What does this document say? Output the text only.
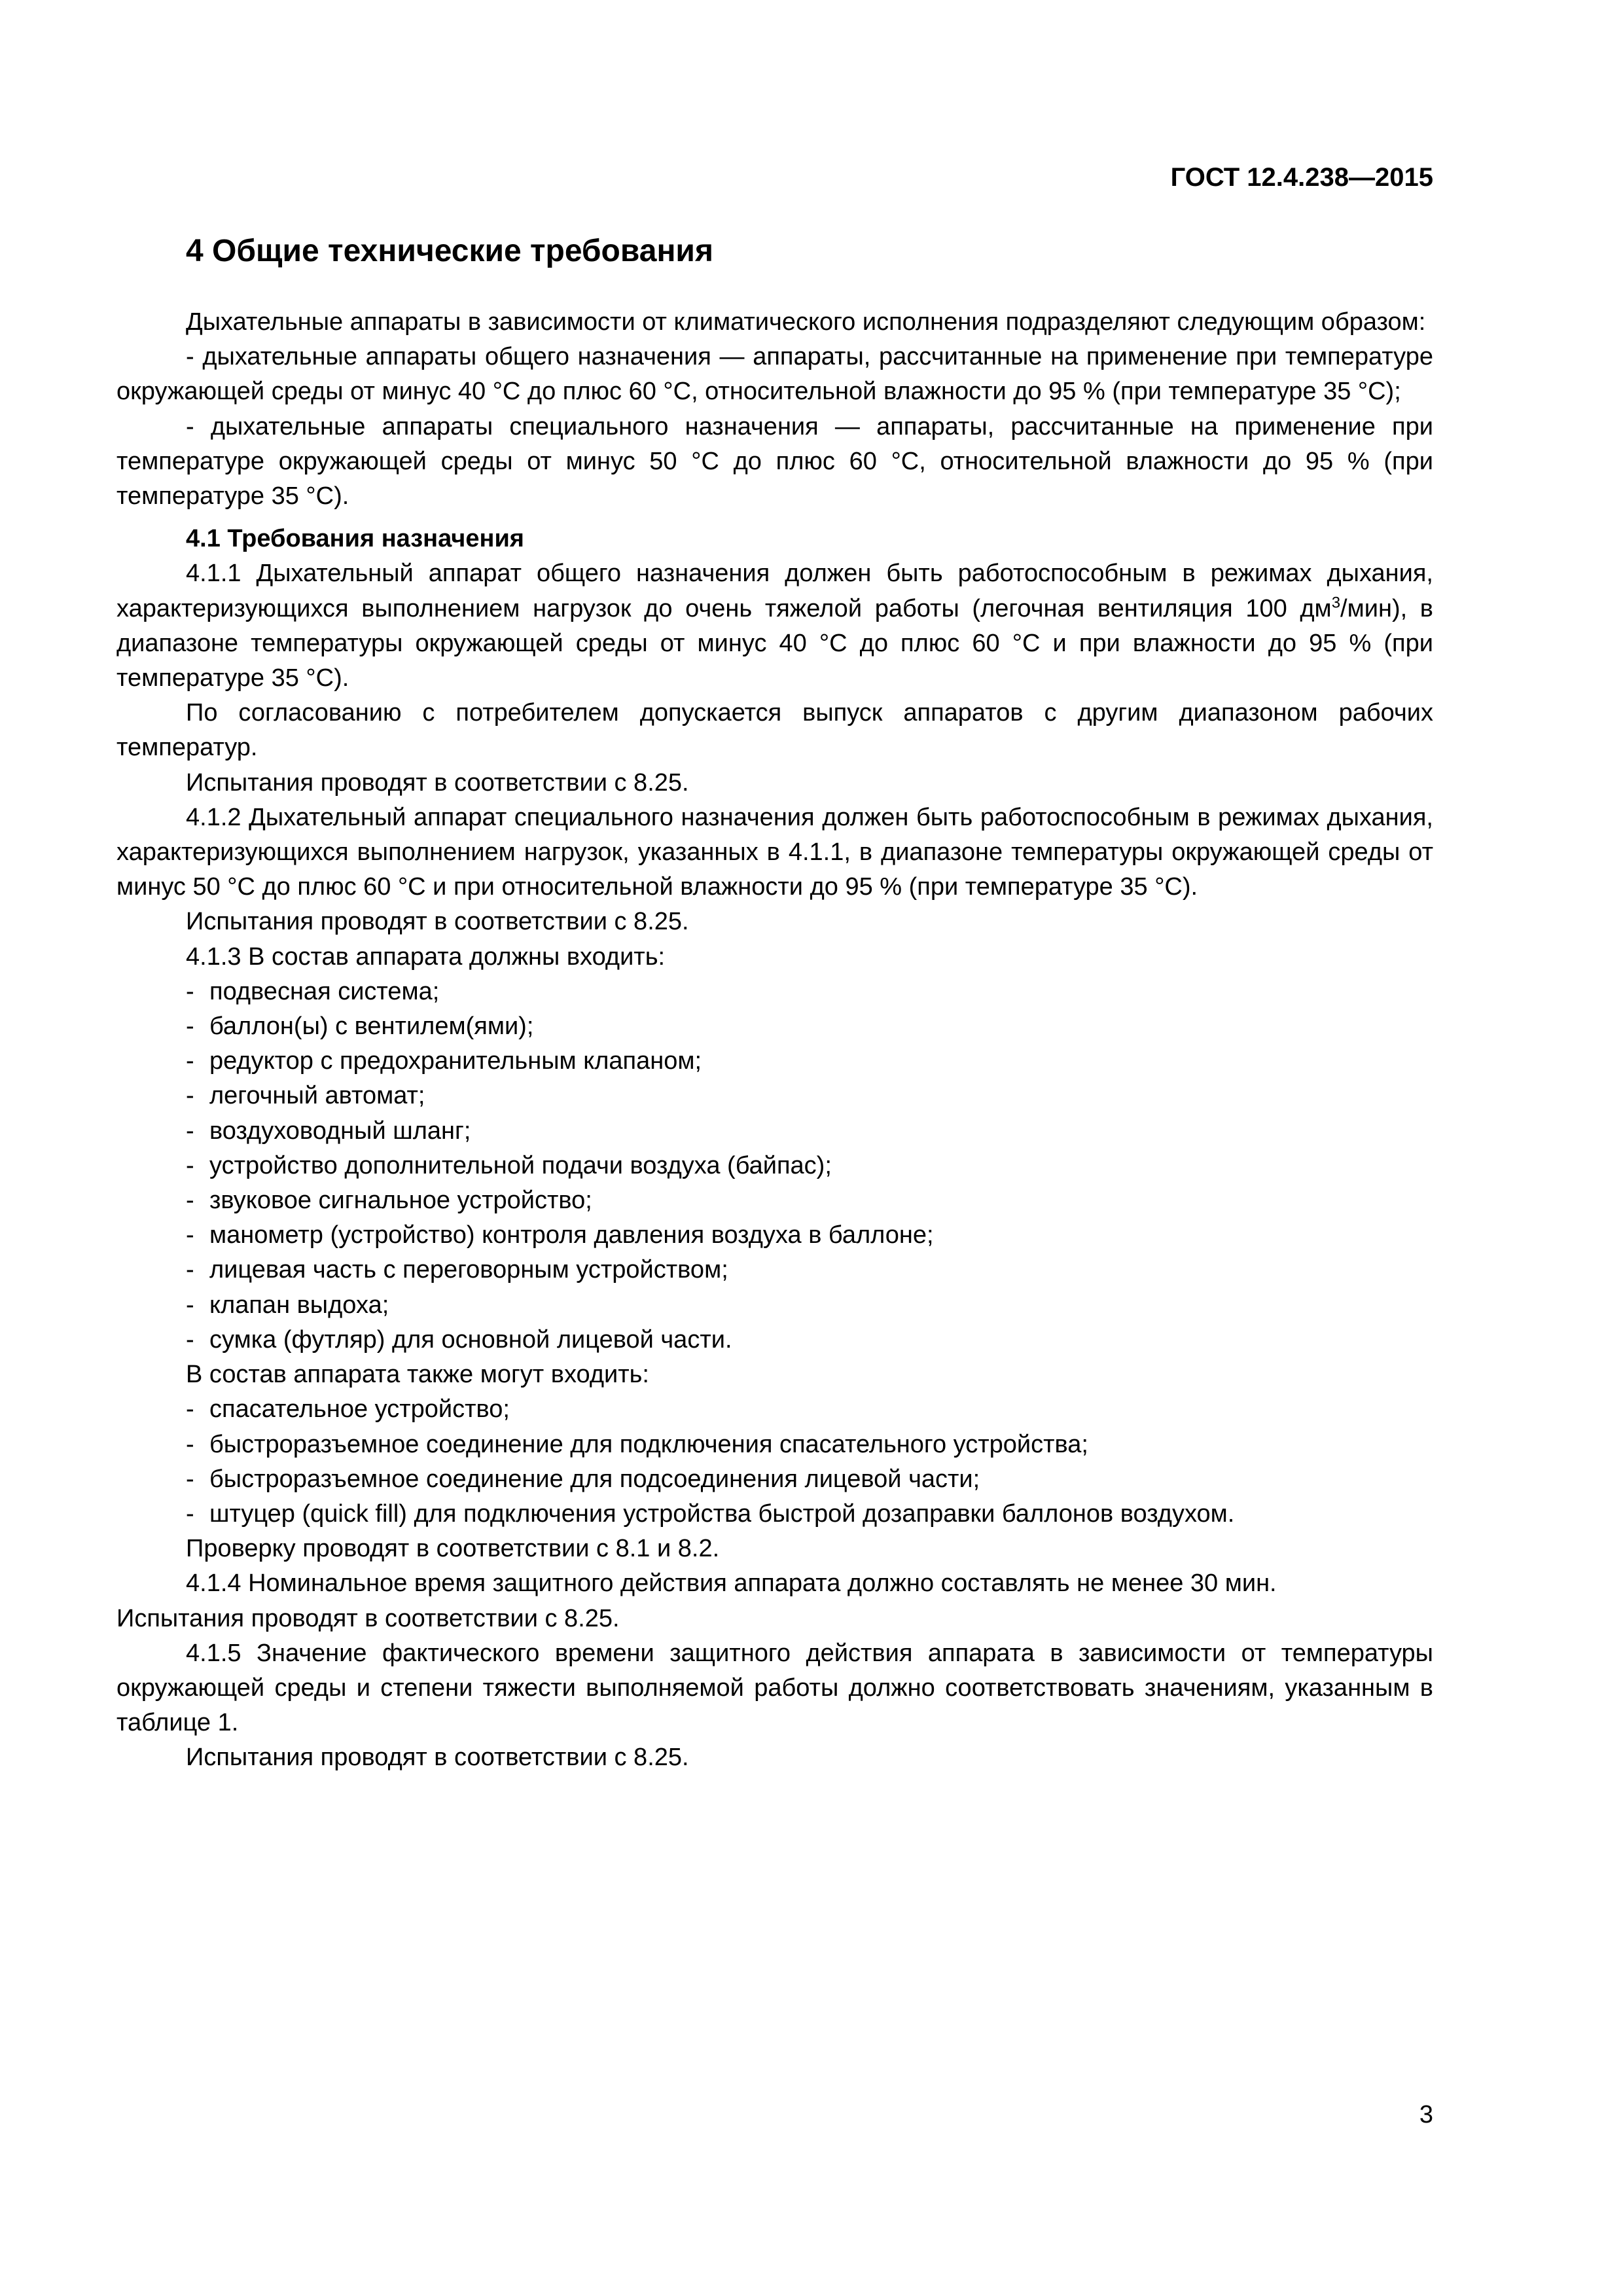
ГОСТ 12.4.238—2015

4 Общие технические требования

Дыхательные аппараты в зависимости от климатического исполнения подразделяют следующим образом:

- дыхательные аппараты общего назначения — аппараты, рассчитанные на применение при температуре окружающей среды от минус 40 °С до плюс 60 °С, относительной влажности до 95 % (при температуре 35 °С);

- дыхательные аппараты специального назначения — аппараты, рассчитанные на применение при температуре окружающей среды от минус 50 °С до плюс 60 °С, относительной влажности до 95 % (при температуре 35 °С).

4.1 Требования назначения

4.1.1 Дыхательный аппарат общего назначения должен быть работоспособным в режимах дыхания, характеризующихся выполнением нагрузок до очень тяжелой работы (легочная вентиляция 100 $дм^3/мин$), в диапазоне температуры окружающей среды от минус 40 °С до плюс 60 °С и при влажности до 95 % (при температуре 35 °С).

По согласованию с потребителем допускается выпуск аппаратов с другим диапазоном рабочих температур.

Испытания проводят в соответствии с 8.25.

4.1.2 Дыхательный аппарат специального назначения должен быть работоспособным в режимах дыхания, характеризующихся выполнением нагрузок, указанных в 4.1.1, в диапазоне температуры окружающей среды от минус 50 °С до плюс 60 °С и при относительной влажности до 95 % (при температуре 35 °С).

Испытания проводят в соответствии с 8.25.

4.1.3 В состав аппарата должны входить:

- подвесная система;
- баллон(ы) с вентилем(ями);
- редуктор с предохранительным клапаном;
- легочный автомат;
- воздуховодный шланг;
- устройство дополнительной подачи воздуха (байпас);
- звуковое сигнальное устройство;
- манометр (устройство) контроля давления воздуха в баллоне;
- лицевая часть с переговорным устройством;
- клапан выдоха;
- сумка (футляр) для основной лицевой части.

В состав аппарата также могут входить:

- спасательное устройство;
- быстроразъемное соединение для подключения спасательного устройства;
- быстроразъемное соединение для подсоединения лицевой части;
- штуцер (quick fill) для подключения устройства быстрой дозаправки баллонов воздухом.

Проверку проводят в соответствии с 8.1 и 8.2.

4.1.4 Номинальное время защитного действия аппарата должно составлять не менее 30 мин.

Испытания проводят в соответствии с 8.25.

4.1.5 Значение фактического времени защитного действия аппарата в зависимости от температуры окружающей среды и степени тяжести выполняемой работы должно соответствовать значениям, указанным в таблице 1.

Испытания проводят в соответствии с 8.25.

3
